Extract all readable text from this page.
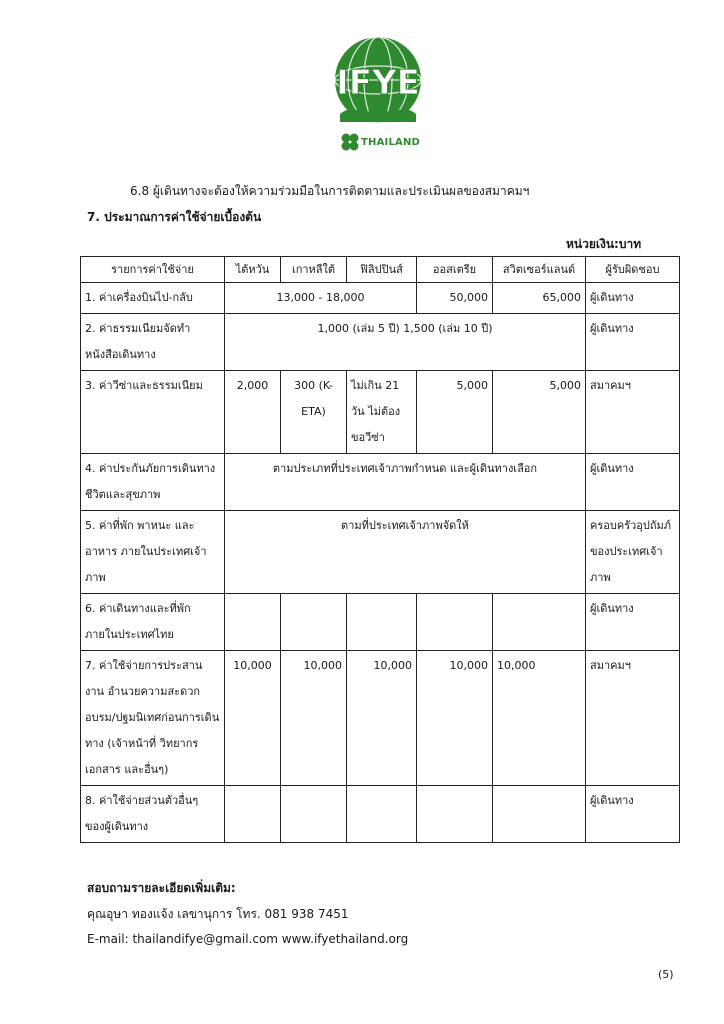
IFYE
THAILAND
6.8 ผู้เดินทางจะต้องให้ความร่วมมือในการติดตามและประเมินผลของสมาคมฯ
7. ประมาณการค่าใช้จ่ายเบื้องต้น
หน่วยเงิน:บาท
รายการค่าใช้จ่าย	ไต้หวัน	เกาหลีใต้	ฟิลิปปินส์	ออสเตรีย	สวิตเซอร์แลนด์	ผู้รับผิดชอบ
1. ค่าเครื่องบินไป-กลับ	13,000 - 18,000			50,000	65,000	ผู้เดินทาง
2. ค่าธรรมเนียมจัดทำหนังสือเดินทาง	1,000 (เล่ม 5 ปี) 1,500 (เล่ม 10 ปี)					ผู้เดินทาง
3. ค่าวีซ่าและธรรมเนียม	2,000	300 (K-ETA)	ไม่เกิน 21 วัน ไม่ต้องขอวีซ่า	5,000	5,000	สมาคมฯ
4. ค่าประกันภัยการเดินทาง ชีวิตและสุขภาพ	ตามประเภทที่ประเทศเจ้าภาพกำหนด และผู้เดินทางเลือก					ผู้เดินทาง
5. ค่าที่พัก พาหนะ และอาหาร ภายในประเทศเจ้าภาพ	ตามที่ประเทศเจ้าภาพจัดให้					ครอบครัวอุปถัมภ์ของประเทศเจ้าภาพ
6. ค่าเดินทางและที่พักภายในประเทศไทย						ผู้เดินทาง
7. ค่าใช้จ่ายการประสานงาน อำนวยความสะดวก อบรม/ปฐมนิเทศก่อนการเดินทาง (เจ้าหน้าที่ วิทยากร เอกสาร และอื่นๆ)	10,000	10,000	10,000	10,000	10,000	สมาคมฯ
8. ค่าใช้จ่ายส่วนตัวอื่นๆ ของผู้เดินทาง						ผู้เดินทาง
สอบถามรายละเอียดเพิ่มเติม:
คุณอุษา ทองแจ้ง เลขานุการ โทร. 081 938 7451
E-mail: thailandifye@gmail.com www.ifyethailand.org
(5)
